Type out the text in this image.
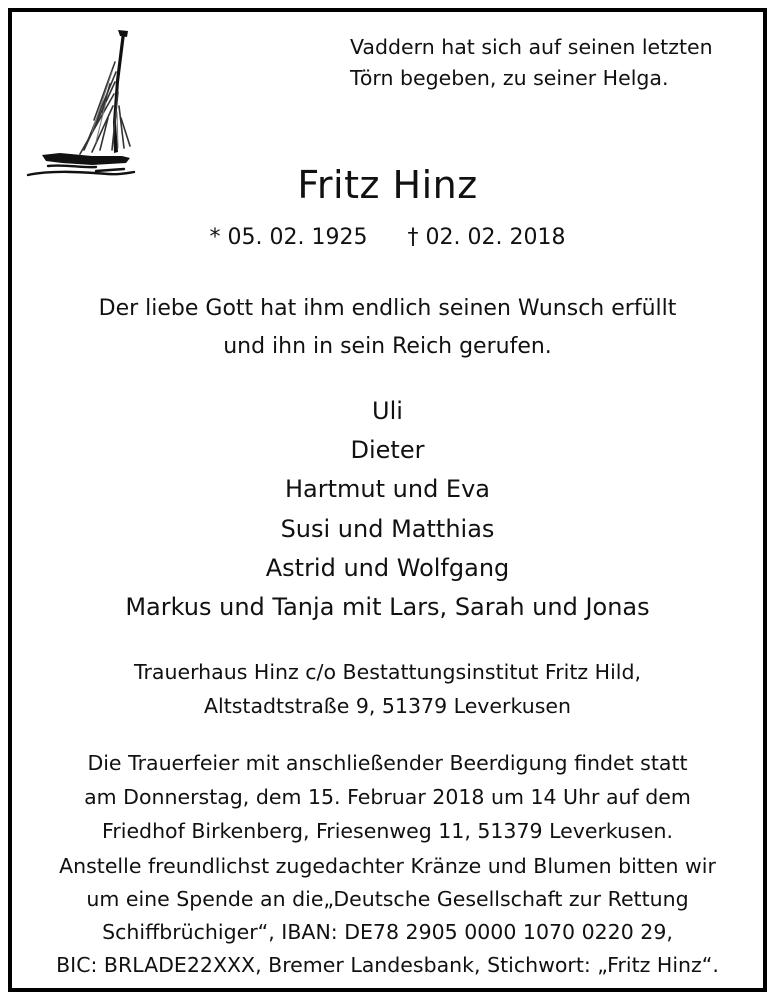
Vaddern hat sich auf seinen letzten
Törn begeben, zu seiner Helga.
Fritz Hinz
* 05. 02. 1925 † 02. 02. 2018
Der liebe Gott hat ihm endlich seinen Wunsch erfüllt
und ihn in sein Reich gerufen.
Uli
Dieter
Hartmut und Eva
Susi und Matthias
Astrid und Wolfgang
Markus und Tanja mit Lars, Sarah und Jonas
Trauerhaus Hinz c/o Bestattungsinstitut Fritz Hild,
Altstadtstraße 9, 51379 Leverkusen
Die Trauerfeier mit anschließender Beerdigung findet statt
am Donnerstag, dem 15. Februar 2018 um 14 Uhr auf dem
Friedhof Birkenberg, Friesenweg 11, 51379 Leverkusen.
Anstelle freundlichst zugedachter Kränze und Blumen bitten wir
um eine Spende an die„Deutsche Gesellschaft zur Rettung
Schiffbrüchiger“, IBAN: DE78 2905 0000 1070 0220 29,
BIC: BRLADE22XXX, Bremer Landesbank, Stichwort: „Fritz Hinz“.
